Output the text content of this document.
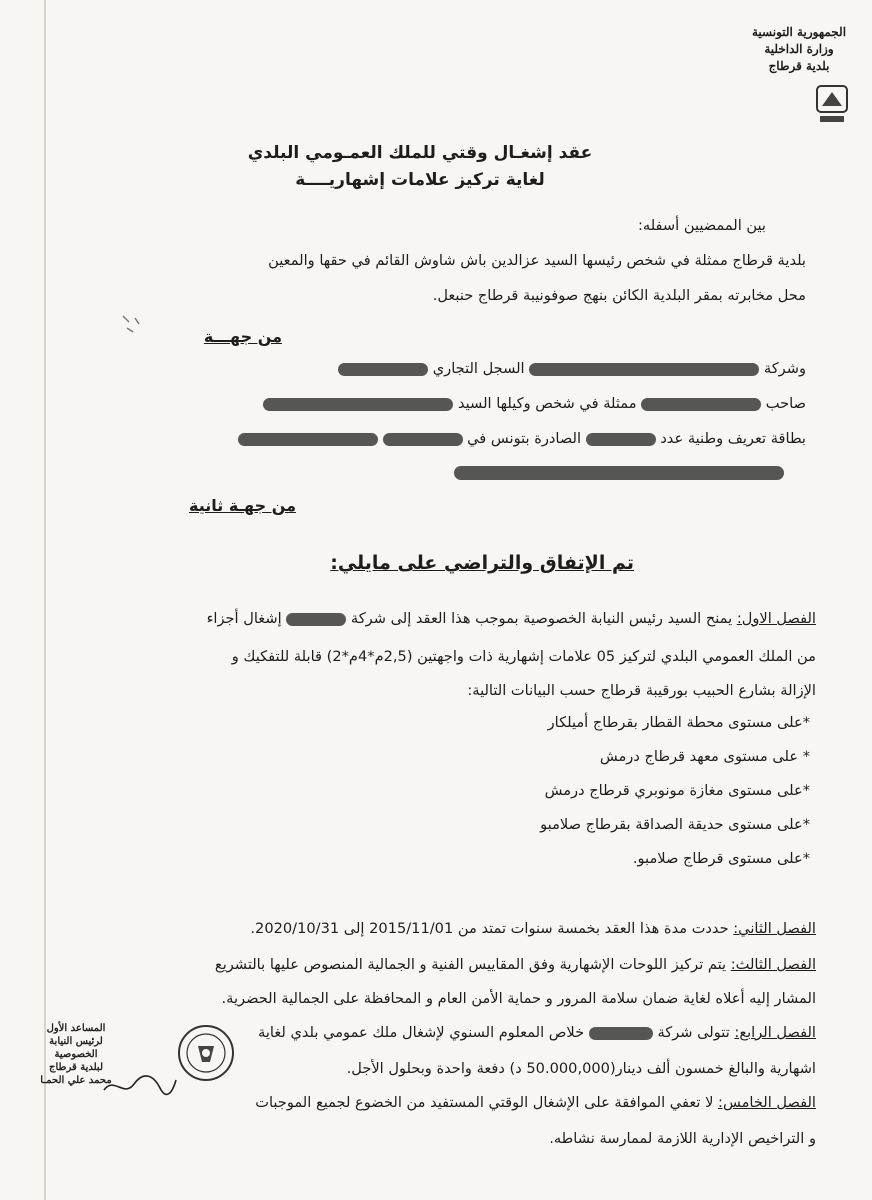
الجمهورية التونسية
وزارة الداخلية
بلدية قرطاج
عقد إشغـال وقتي للملك العمـومي البلدي
لغاية تركيز علامات إشهاريــــة
بين الممضيين أسفله:
بلدية قرطاج ممثلة في شخص رئيسها السيد عزالدين باش شاوش القائم في حقها والمعين
محل مخابرته بمقر البلدية الكائن بنهج صوفونيبة قرطاج حنبعل.
من جهـــة
وشركة  السجل التجاري
صاحب  ممثلة في شخص وكيلها السيد
بطاقة تعريف وطنية عدد  الصادرة بتونس في
من جهـة ثانية
تم الإتفاق والتراضي على مايلي:
الفصل الاول: يمنح السيد رئيس النيابة الخصوصية بموجب هذا العقد إلى شركة  إشغال أجزاء
من الملك العمومي البلدي لتركيز 05 علامات إشهارية ذات واجهتين (2,5م*4م*2) قابلة للتفكيك و
الإزالة بشارع الحبيب بورقيبة قرطاج حسب البيانات التالية:
*على مستوى محطة القطار بقرطاج أميلكار
* على مستوى معهد قرطاج درمش
*على مستوى مغازة مونوبري قرطاج درمش
*على مستوى حديقة الصداقة بقرطاج صلامبو
*على مستوى قرطاج صلامبو.
الفصل الثاني: حددت مدة هذا العقد بخمسة سنوات تمتد من 2015/11/01 إلى 2020/10/31.
الفصل الثالث: يتم تركيز اللوحات الإشهارية وفق المقاييس الفنية و الجمالية المنصوص عليها بالتشريع
المشار إليه أعلاه لغاية ضمان سلامة المرور و حماية الأمن العام و المحافظة على الجمالية الحضرية.
الفصل الرابع: تتولى شركة  خلاص المعلوم السنوي لإشغال ملك عمومي بلدي لغاية
اشهارية والبالغ خمسون ألف دينار(50.000,000 د) دفعة واحدة وبحلول الأجل.
الفصل الخامس: لا تعفي الموافقة على الإشغال الوقتي المستفيد من الخضوع لجميع الموجبات
و التراخيص الإدارية اللازمة لممارسة نشاطه.
المساعد الأول
لرئيس النيابة الخصوصية
لبلدية قرطاج
محمد علي الحمـا
